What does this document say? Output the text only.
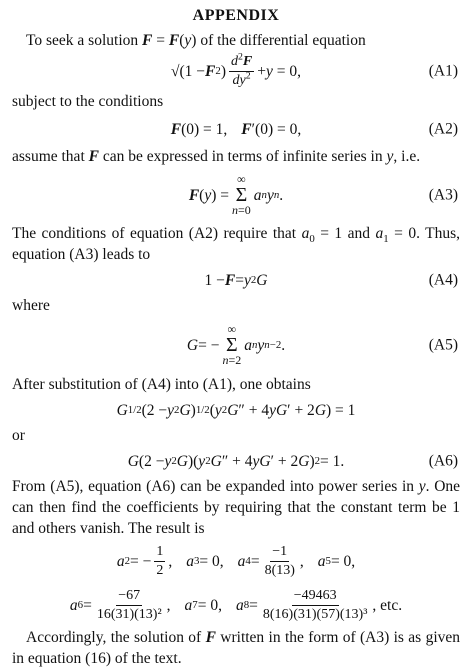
APPENDIX

To seek a solution F = F(y) of the differential equation

√(1 − F 2 ) $\frac{d^2F}{dy^2} + y = 0$,	(A1)

subject to the conditions

F (0) = 1, F ′(0) = 0,	(A2)

assume that F can be expressed in terms of infinite series in y, i.e.

F ( y ) =
∞
Σ
n=0
a n y n .	(A3)

The conditions of equation (A2) require that $a_0 = 1$ and $a_1 = 0$. Thus, equation (A3) leads to

1 − F = y 2 G	(A4)

where

G = −
∞
Σ
n=2
a n y n−2 .	(A5)

After substitution of (A4) into (A1), one obtains

G 1/2 (2 − y 2 G ) 1/2 ( y 2 G ″ + 4 yG ′ + 2 G ) = 1

or

G (2 − y 2 G )( y 2 G ″ + 4 yG ′ + 2 G ) 2 = 1.	(A6)

From (A5), equation (A6) can be expanded into power series in y. One can then find the coefficients by requiring that the constant term be 1 and others vanish. The result is

a 2 = − $\frac{1}{2}$ , a 3 = 0, a $4 = \frac{-1}{8(13)}$ , a 5 = 0,
a $6 = \frac{-67}{\text{16(31)(13)²}}$ , a 7 = 0, a $8 = \frac{-49463}{\text{8(16)(31)(57)(13)³}}$ , etc.

Accordingly, the solution of F written in the form of (A3) is as given in equation (16) of the text.
